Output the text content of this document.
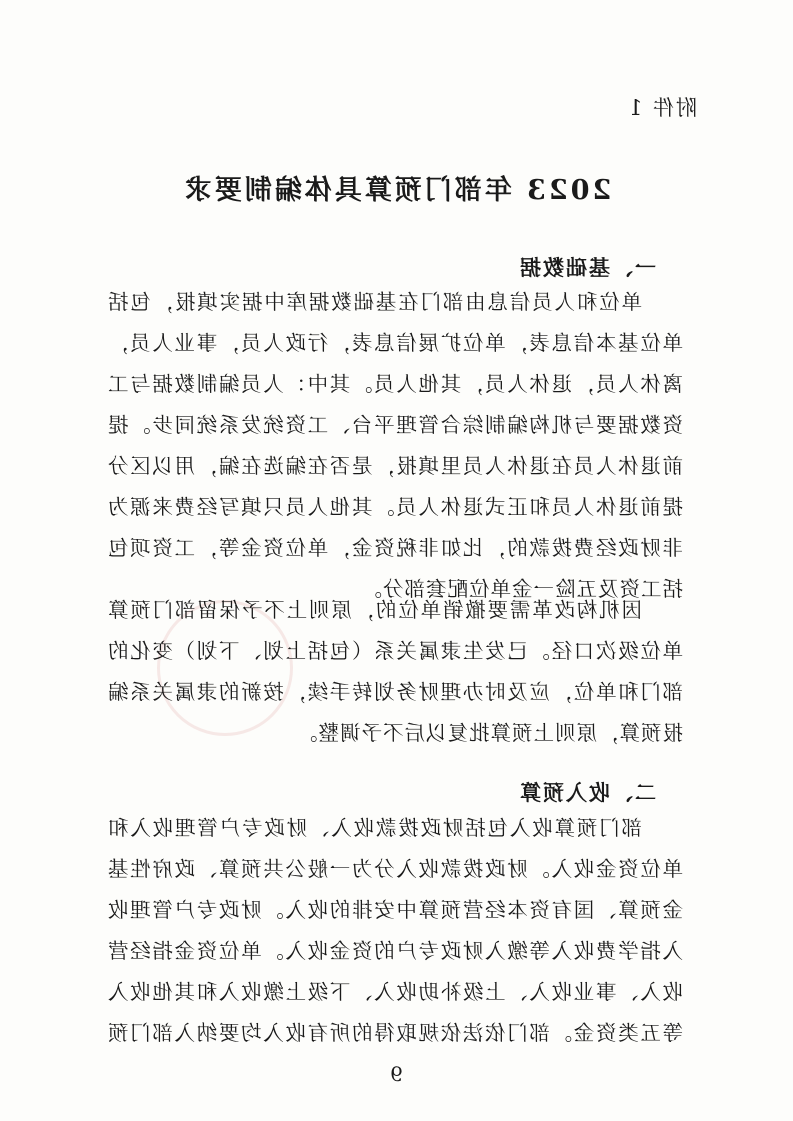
附件 1
2023 年部门预算具体编制要求
一、基础数据
单位和人员信息由部门在基础数据库中据实填报，包括
单位基本信息表，单位扩展信息表，行政人员，事业人员，
离休人员，退休人员，其他人员。其中：人员编制数据与工
资数据要与机构编制综合管理平台、工资统发系统同步。提
前退休人员在退休人员里填报，是否在编选在编，用以区分
提前退休人员和正式退休人员。其他人员只填写经费来源为
非财政经费拨款的，比如非税资金，单位资金等，工资项包
括工资及五险一金单位配套部分。
因机构改革需要撤销单位的，原则上不予保留部门预算
单位级次口径。已发生隶属关系（包括上划、下划）变化的
部门和单位，应及时办理财务划转手续，按新的隶属关系编
报预算，原则上预算批复以后不予调整。
二、收入预算
部门预算收入包括财政拨款收入、财政专户管理收入和
单位资金收入。财政拨款收入分为一般公共预算、政府性基
金预算、国有资本经营预算中安排的收入。财政专户管理收
入指学费收入等缴入财政专户的资金收入。单位资金指经营
收入、事业收入、上级补助收入、下级上缴收入和其他收入
等五类资金。部门依法依规取得的所有收入均要纳入部门预
9
